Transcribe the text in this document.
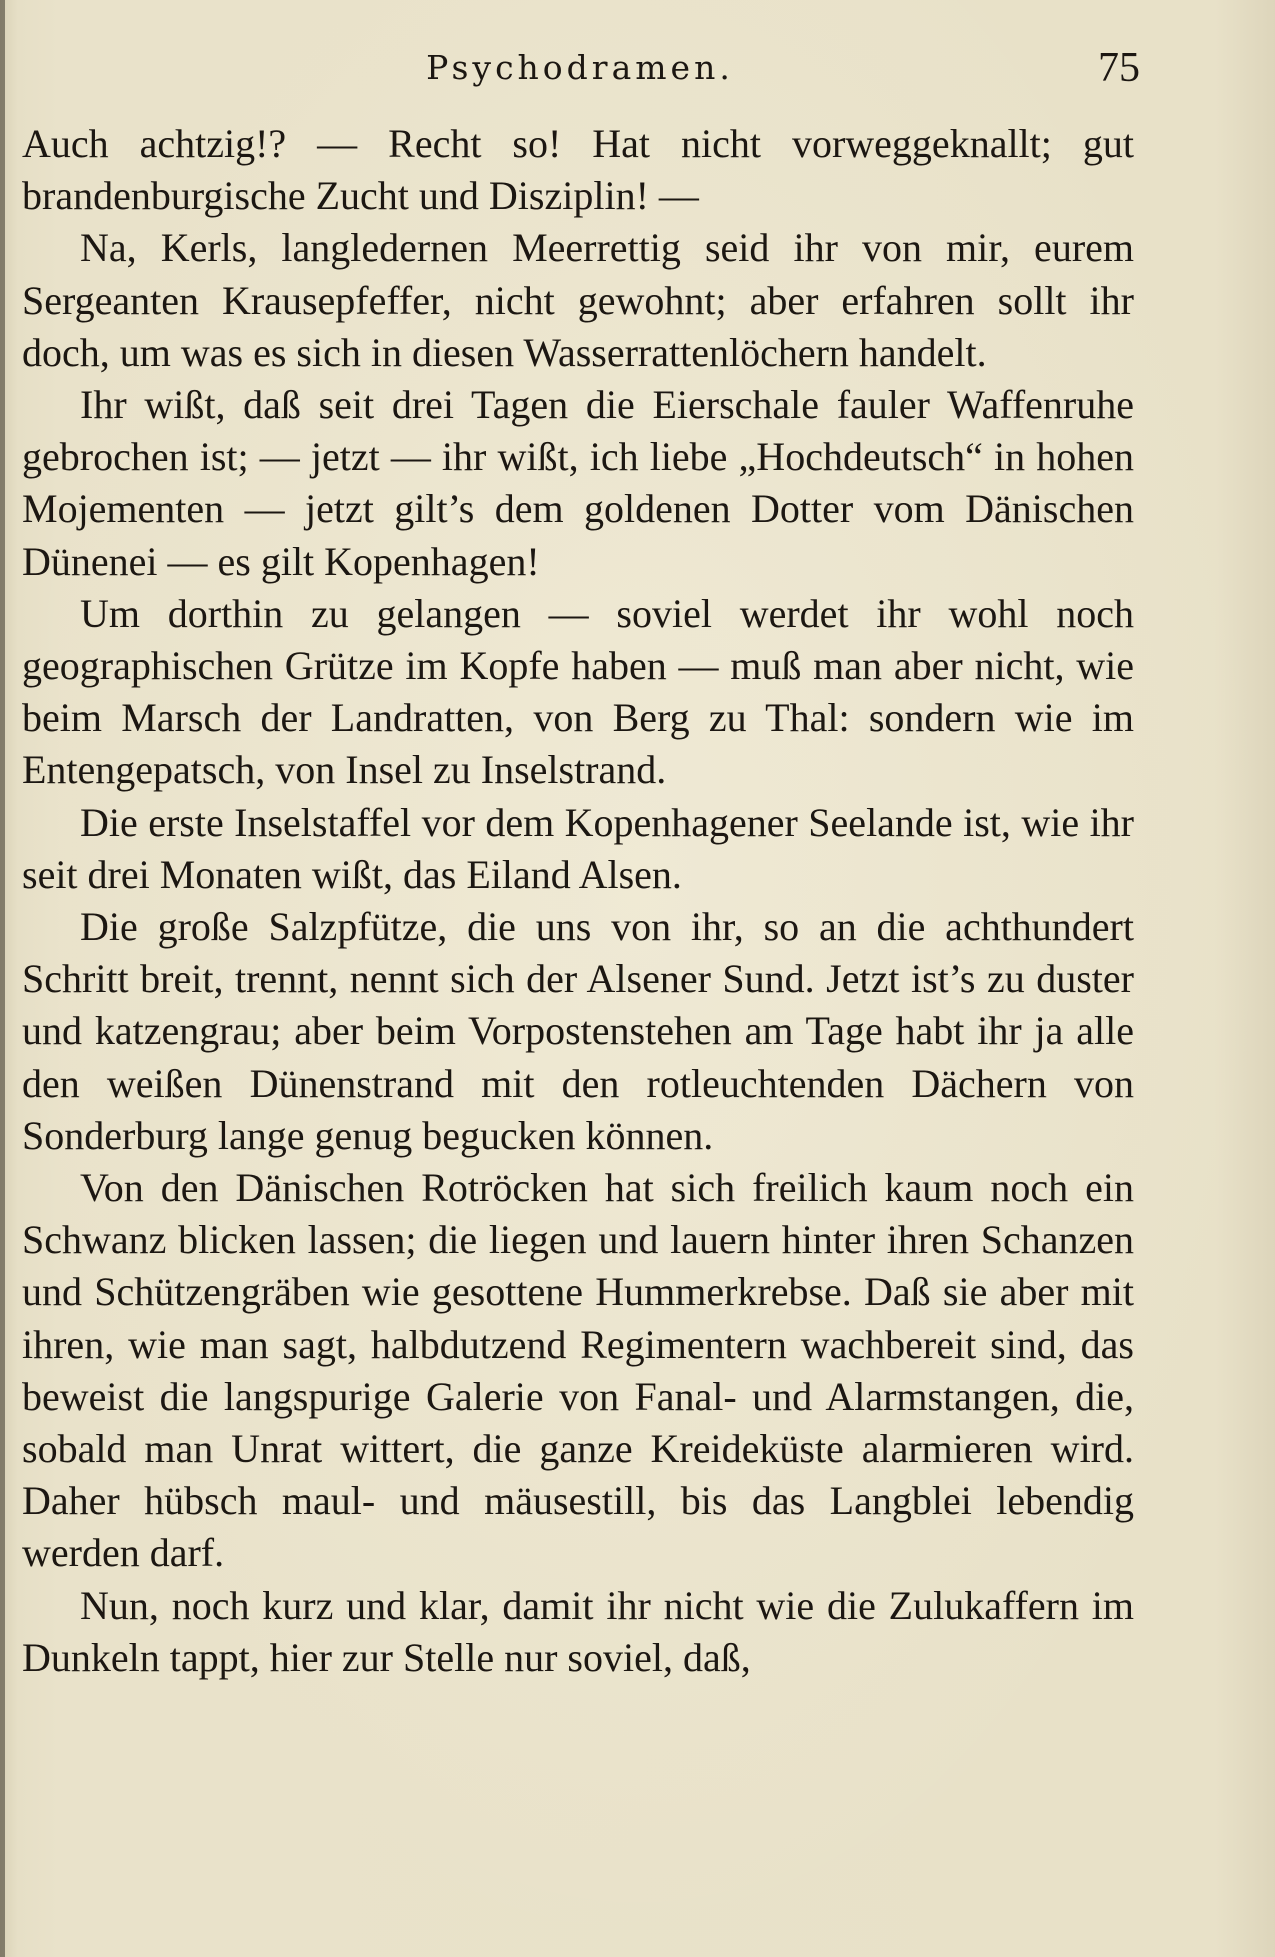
Psychodramen.	75

Auch achtzig!? — Recht so! Hat nicht vorweggeknallt; gut brandenburgische Zucht und Disziplin! —

Na, Kerls, langledernen Meerrettig seid ihr von mir, eurem Sergeanten Krausepfeffer, nicht gewohnt; aber erfahren sollt ihr doch, um was es sich in diesen Wasserrattenlöchern handelt.

Ihr wißt, daß seit drei Tagen die Eierschale fauler Waffenruhe gebrochen ist; — jetzt — ihr wißt, ich liebe „Hochdeutsch“ in hohen Mojementen — jetzt gilt’s dem goldenen Dotter vom Dänischen Dünenei — es gilt Kopenhagen!

Um dorthin zu gelangen — soviel werdet ihr wohl noch geographischen Grütze im Kopfe haben — muß man aber nicht, wie beim Marsch der Landratten, von Berg zu Thal: sondern wie im Entengepatsch, von Insel zu Inselstrand.

Die erste Inselstaffel vor dem Kopenhagener Seelande ist, wie ihr seit drei Monaten wißt, das Eiland Alsen.

Die große Salzpfütze, die uns von ihr, so an die achthundert Schritt breit, trennt, nennt sich der Alsener Sund. Jetzt ist’s zu duster und katzengrau; aber beim Vorpostenstehen am Tage habt ihr ja alle den weißen Dünenstrand mit den rotleuchtenden Dächern von Sonderburg lange genug begucken können.

Von den Dänischen Rotröcken hat sich freilich kaum noch ein Schwanz blicken lassen; die liegen und lauern hinter ihren Schanzen und Schützengräben wie gesottene Hummerkrebse. Daß sie aber mit ihren, wie man sagt, halbdutzend Regimentern wachbereit sind, das beweist die langspurige Galerie von Fanal- und Alarmstangen, die, sobald man Unrat wittert, die ganze Kreideküste alarmieren wird. Daher hübsch maul- und mäusestill, bis das Langblei lebendig werden darf.

Nun, noch kurz und klar, damit ihr nicht wie die Zulukaffern im Dunkeln tappt, hier zur Stelle nur soviel, daß,
